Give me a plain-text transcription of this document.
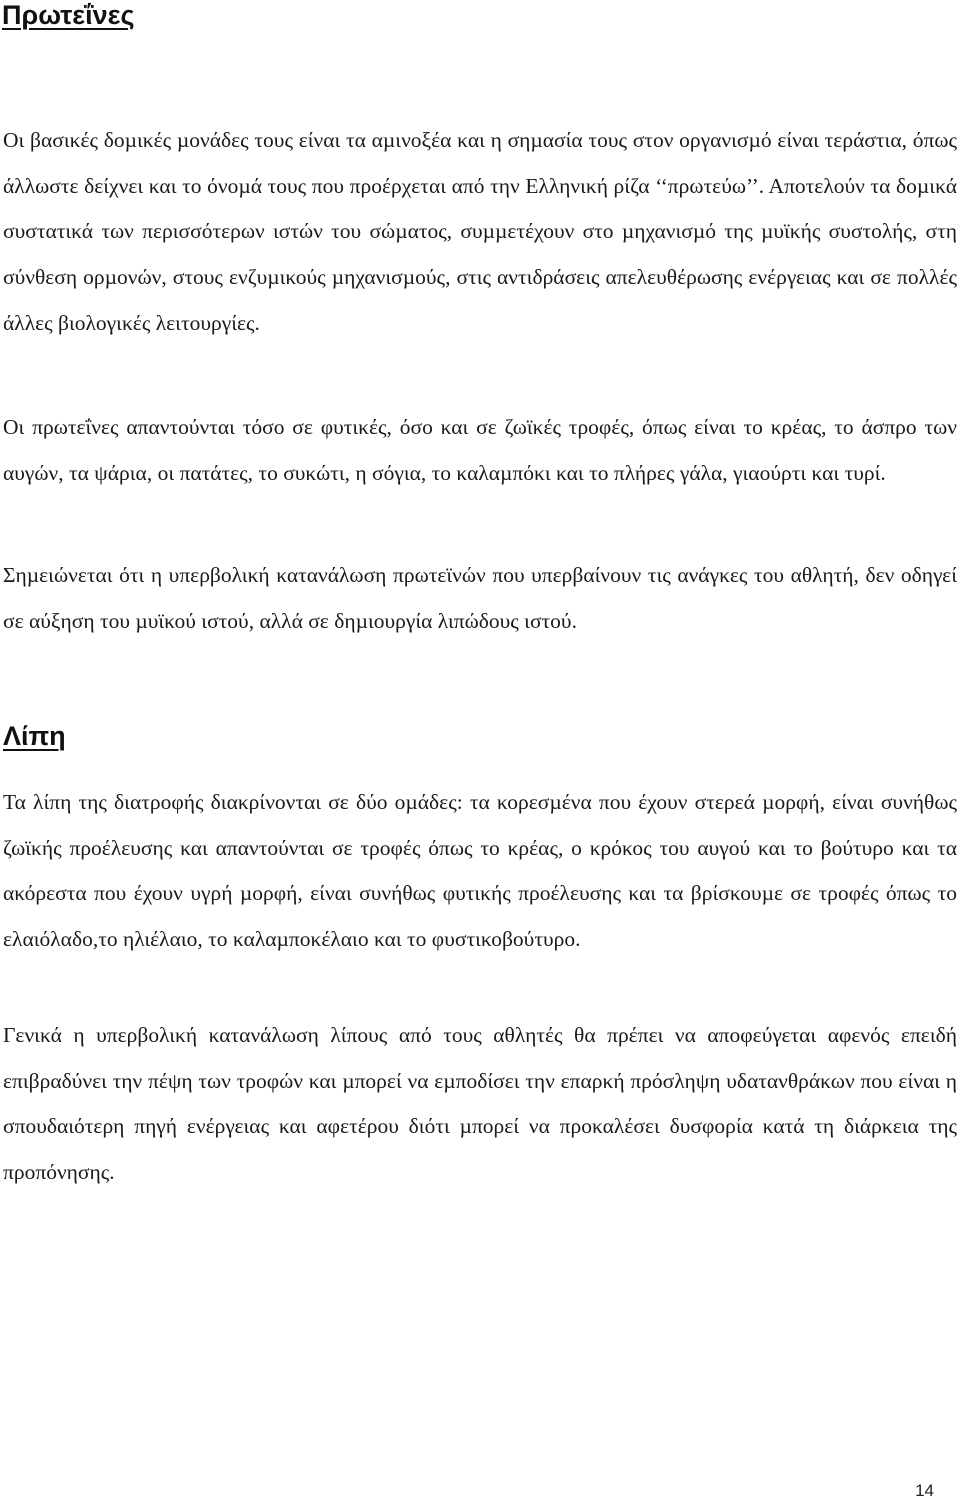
Πρωτεΐνες

Οι βασικές δοµικές µονάδες τους είναι τα αµινοξέα και η σηµασία τους στον οργανισµό είναι τεράστια, όπως άλλωστε δείχνει και το όνοµά τους που προέρχεται από την Ελληνική ρίζα ‘‘πρωτεύω’’. Αποτελούν τα δοµικά συστατικά των περισσότερων ιστών του σώµατος, συµµετέχουν στο µηχανισµό της µυϊκής συστολής, στη σύνθεση ορµονών, στους ενζυµικούς µηχανισµούς, στις αντιδράσεις απελευθέρωσης ενέργειας και σε πολλές άλλες βιολογικές λειτουργίες.

Οι πρωτεΐνες απαντούνται τόσο σε φυτικές, όσο και σε ζωϊκές τροφές, όπως είναι το κρέας, το άσπρο των αυγών, τα ψάρια, οι πατάτες, το συκώτι, η σόγια, το καλαµπόκι και το πλήρες γάλα, γιαούρτι και τυρί.

Σηµειώνεται ότι η υπερβολική κατανάλωση πρωτεϊνών που υπερβαίνουν τις ανάγκες του αθλητή, δεν οδηγεί σε αύξηση του µυϊκού ιστού, αλλά σε δηµιουργία λιπώδους ιστού.

Λίπη

Τα λίπη της διατροφής διακρίνονται σε δύο οµάδες: τα κορεσµένα που έχουν στερεά µορφή, είναι συνήθως ζωϊκής προέλευσης και απαντούνται σε τροφές όπως το κρέας, ο κρόκος του αυγού και το βούτυρο και τα ακόρεστα που έχουν υγρή µορφή, είναι συνήθως φυτικής προέλευσης και τα βρίσκουµε σε τροφές όπως το ελαιόλαδο,το ηλιέλαιο, το καλαµποκέλαιο και το φυστικοβούτυρο.

Γενικά η υπερβολική κατανάλωση λίπους από τους αθλητές θα πρέπει να αποφεύγεται αφενός επειδή επιβραδύνει την πέψη των τροφών και µπορεί να εµποδίσει την επαρκή πρόσληψη υδατανθράκων που είναι η σπουδαιότερη πηγή ενέργειας και αφετέρου διότι µπορεί να προκαλέσει δυσφορία κατά τη διάρκεια της προπόνησης.

14
